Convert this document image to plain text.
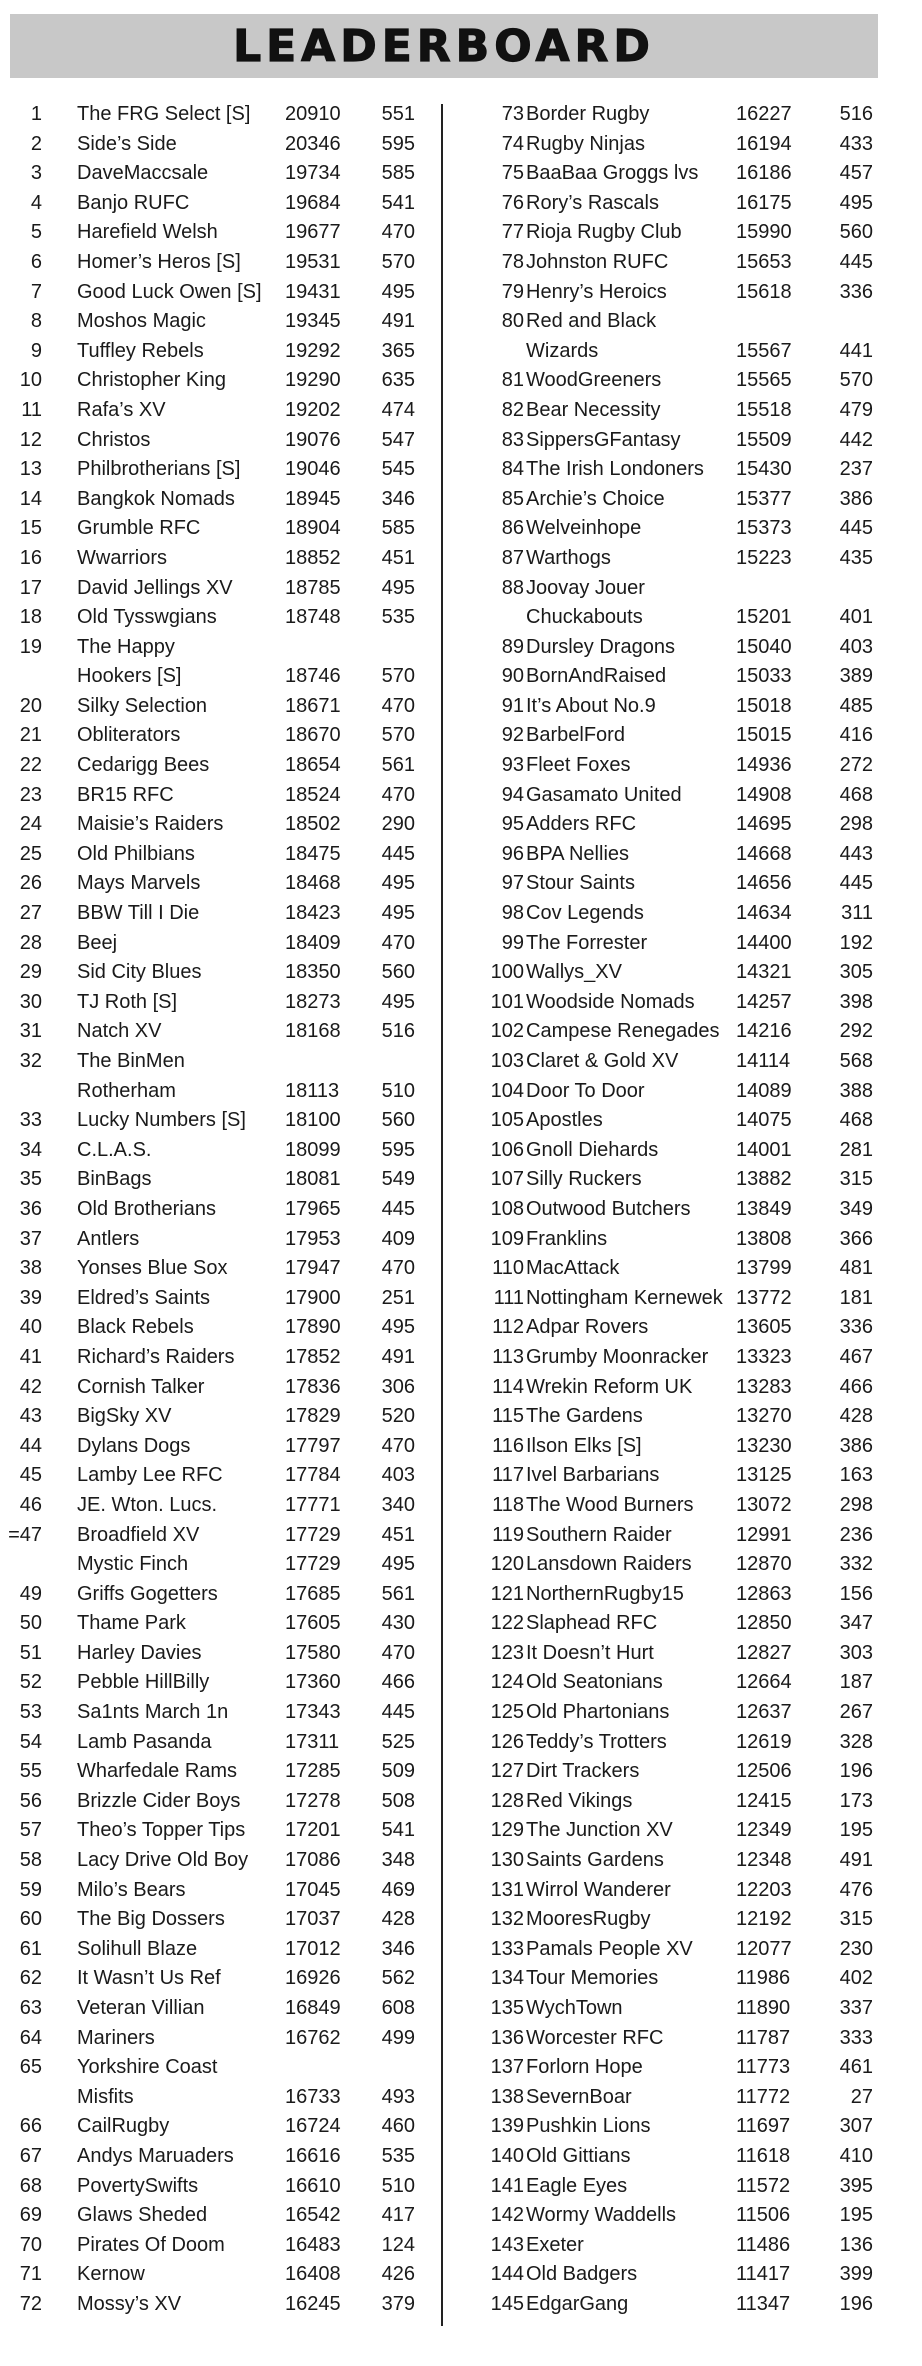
LEADERBOARD
1 The FRG Select [S] 20910 551
2 Side’s Side	20346 595
3 DaveMaccsale	19734 585
4 Banjo RUFC	19684 541
5 Harefield Welsh	19677 470
6 Homer’s Heros [S] 19531 570
7 Good Luck Owen [S] 19431 495
8 Moshos Magic	19345 491
9 Tuffley Rebels	19292 365
10 Christopher King	19290 635
11 Rafa’s XV	19202 474
12 Christos	19076 547
13 Philbrotherians [S] 19046 545
14 Bangkok Nomads	18945 346
15 Grumble RFC	18904 585
16 Wwarriors	18852 451
17 David Jellings XV	18785 495
18 Old Tysswgians	18748 535
19 The Happy
Hookers [S]	18746 570
20 Silky Selection	18671 470
21 Obliterators	18670 570
22 Cedarigg Bees	18654 561
23 BR15 RFC	18524 470
24 Maisie’s Raiders	18502 290
25 Old Philbians	18475 445
26 Mays Marvels	18468 495
27 BBW Till I Die	18423 495
28 Beej	18409 470
29 Sid City Blues	18350 560
30 TJ Roth [S]	18273 495
31 Natch XV	18168 516
32 The BinMen
Rotherham	18113 510
33 Lucky Numbers [S] 18100 560
34 C.L.A.S.	18099 595
35 BinBags	18081 549
36 Old Brotherians	17965 445
37 Antlers	17953 409
38 Yonses Blue Sox	17947 470
39 Eldred’s Saints	17900 251
40 Black Rebels	17890 495
41 Richard’s Raiders	17852 491
42 Cornish Talker	17836 306
43 BigSky XV	17829 520
44 Dylans Dogs	17797 470
45 Lamby Lee RFC	17784 403
46 JE. Wton. Lucs.	17771 340
=47 Broadfield XV	17729 451
Mystic Finch	17729 495
49 Griffs Gogetters	17685 561
50 Thame Park	17605 430
51 Harley Davies	17580 470
52 Pebble HillBilly	17360 466
53 Sa1nts March 1n	17343 445
54 Lamb Pasanda	17311 525
55 Wharfedale Rams 17285 509
56 Brizzle Cider Boys 17278 508
57 Theo’s Topper Tips 17201 541
58 Lacy Drive Old Boy 17086 348
59 Milo’s Bears	17045 469
60 The Big Dossers	17037 428
61 Solihull Blaze	17012 346
62 It Wasn’t Us Ref	16926 562
63 Veteran Villian	16849 608
64 Mariners	16762 499
65 Yorkshire Coast
Misfits	16733 493
66 CailRugby	16724 460
67 Andys Maruaders	16616 535
68 PovertySwifts	16610 510
69 Glaws Sheded	16542 417
70 Pirates Of Doom	16483 124
71 Kernow	16408 426
72 Mossy’s XV	16245 379
73 Border Rugby	16227 516
74 Rugby Ninjas	16194 433
75 BaaBaa Groggs lvs 16186 457
76 Rory’s Rascals	16175 495
77 Rioja Rugby Club	15990 560
78 Johnston RUFC	15653 445
79 Henry’s Heroics	15618 336
80 Red and Black
Wizards	15567 441
81 WoodGreeners	15565 570
82 Bear Necessity	15518 479
83 SippersGFantasy	15509 442
84 The Irish Londoners 15430 237
85 Archie’s Choice	15377 386
86 Welveinhope	15373 445
87 Warthogs	15223 435
88 Joovay Jouer
Chuckabouts	15201 401
89 Dursley Dragons	15040 403
90 BornAndRaised	15033 389
91 It’s About No.9	15018 485
92 BarbelFord	15015 416
93 Fleet Foxes	14936 272
94 Gasamato United	14908 468
95 Adders RFC	14695 298
96 BPA Nellies	14668 443
97 Stour Saints	14656 445
98 Cov Legends	14634 311
99 The Forrester	14400 192
100 Wallys_XV	14321 305
101 Woodside Nomads 14257 398
102 Campese Renegades 14216 292
103 Claret & Gold XV	14114 568
104 Door To Door	14089 388
105 Apostles	14075 468
106 Gnoll Diehards	14001 281
107 Silly Ruckers	13882 315
108 Outwood Butchers 13849 349
109 Franklins	13808 366
110 MacAttack	13799 481
111 Nottingham Kernewek 13772 181
112 Adpar Rovers	13605 336
113 Grumby Moonracker 13323 467
114 Wrekin Reform UK 13283 466
115 The Gardens	13270 428
116 Ilson Elks [S]	13230 386
117 Ivel Barbarians	13125 163
118 The Wood Burners 13072 298
119 Southern Raider	12991 236
120 Lansdown Raiders 12870 332
121 NorthernRugby15	12863 156
122 Slaphead RFC	12850 347
123 It Doesn’t Hurt	12827 303
124 Old Seatonians	12664 187
125 Old Phartonians	12637 267
126 Teddy’s Trotters	12619 328
127 Dirt Trackers	12506 196
128 Red Vikings	12415 173
129 The Junction XV	12349 195
130 Saints Gardens	12348 491
131 Wirrol Wanderer	12203 476
132 MooresRugby	12192 315
133 Pamals People XV 12077 230
134 Tour Memories	11986 402
135 WychTown	11890 337
136 Worcester RFC	11787 333
137 Forlorn Hope	11773 461
138 SevernBoar	11772	27
139 Pushkin Lions	11697 307
140 Old Gittians	11618 410
141 Eagle Eyes	11572 395
142 Wormy Waddells	11506 195
143 Exeter	11486 136
144 Old Badgers	11417 399
145 EdgarGang	11347 196
